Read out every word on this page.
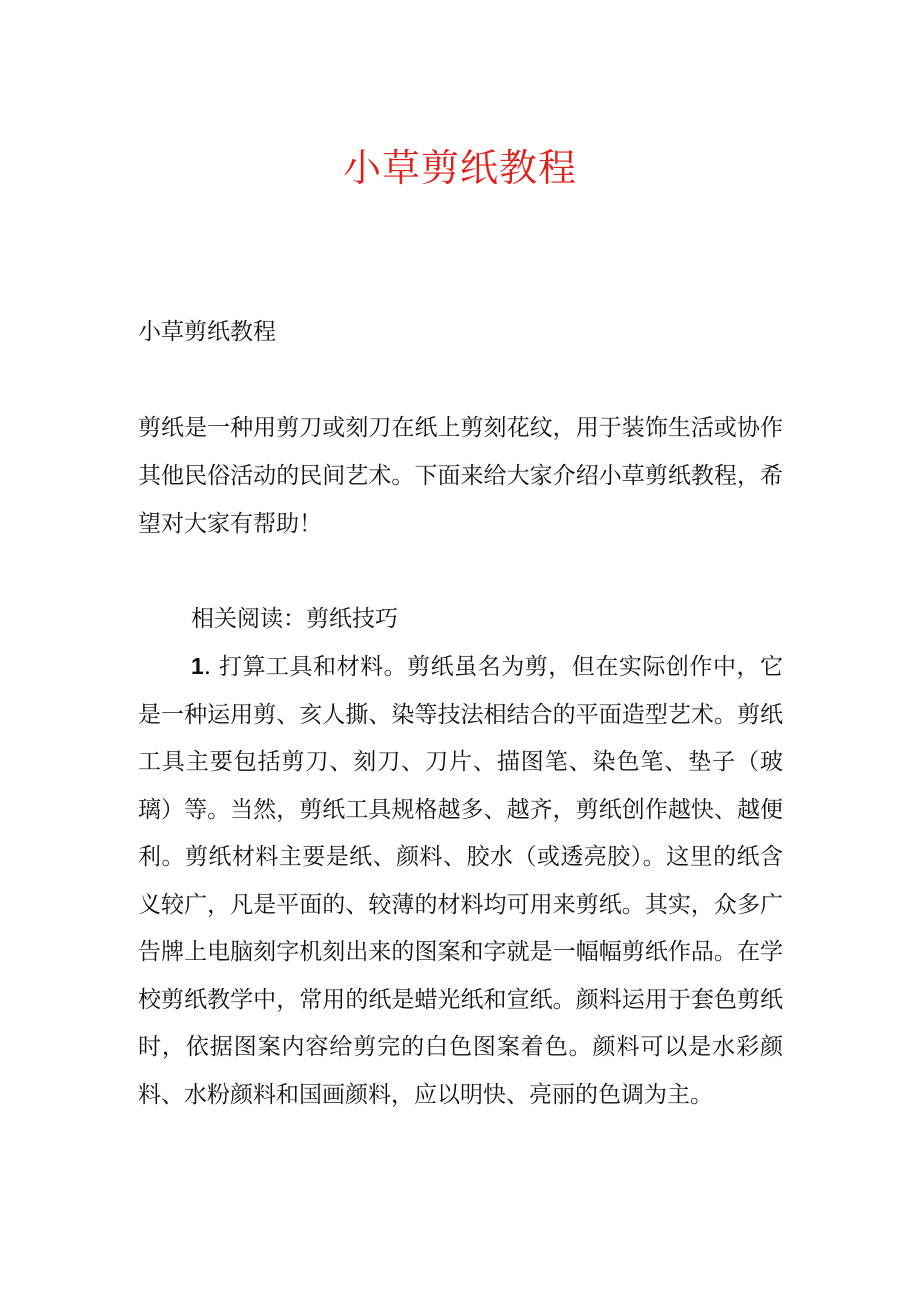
小草剪纸教程

小草剪纸教程

剪纸是一种用剪刀或刻刀在纸上剪刻花纹，用于装饰生活或协作其他民俗活动的民间艺术。下面来给大家介绍小草剪纸教程，希望对大家有帮助！

相关阅读：剪纸技巧

1. 打算工具和材料。剪纸虽名为剪，但在实际创作中，它是一种运用剪、亥人撕、染等技法相结合的平面造型艺术。剪纸工具主要包括剪刀、刻刀、刀片、描图笔、染色笔、垫子（玻璃）等。当然，剪纸工具规格越多、越齐，剪纸创作越快、越便利。剪纸材料主要是纸、颜料、胶水（或透亮胶）。这里的纸含义较广，凡是平面的、较薄的材料均可用来剪纸。其实，众多广告牌上电脑刻字机刻出来的图案和字就是一幅幅剪纸作品。在学校剪纸教学中，常用的纸是蜡光纸和宣纸。颜料运用于套色剪纸时，依据图案内容给剪完的白色图案着色。颜料可以是水彩颜料、水粉颜料和国画颜料，应以明快、亮丽的色调为主。
